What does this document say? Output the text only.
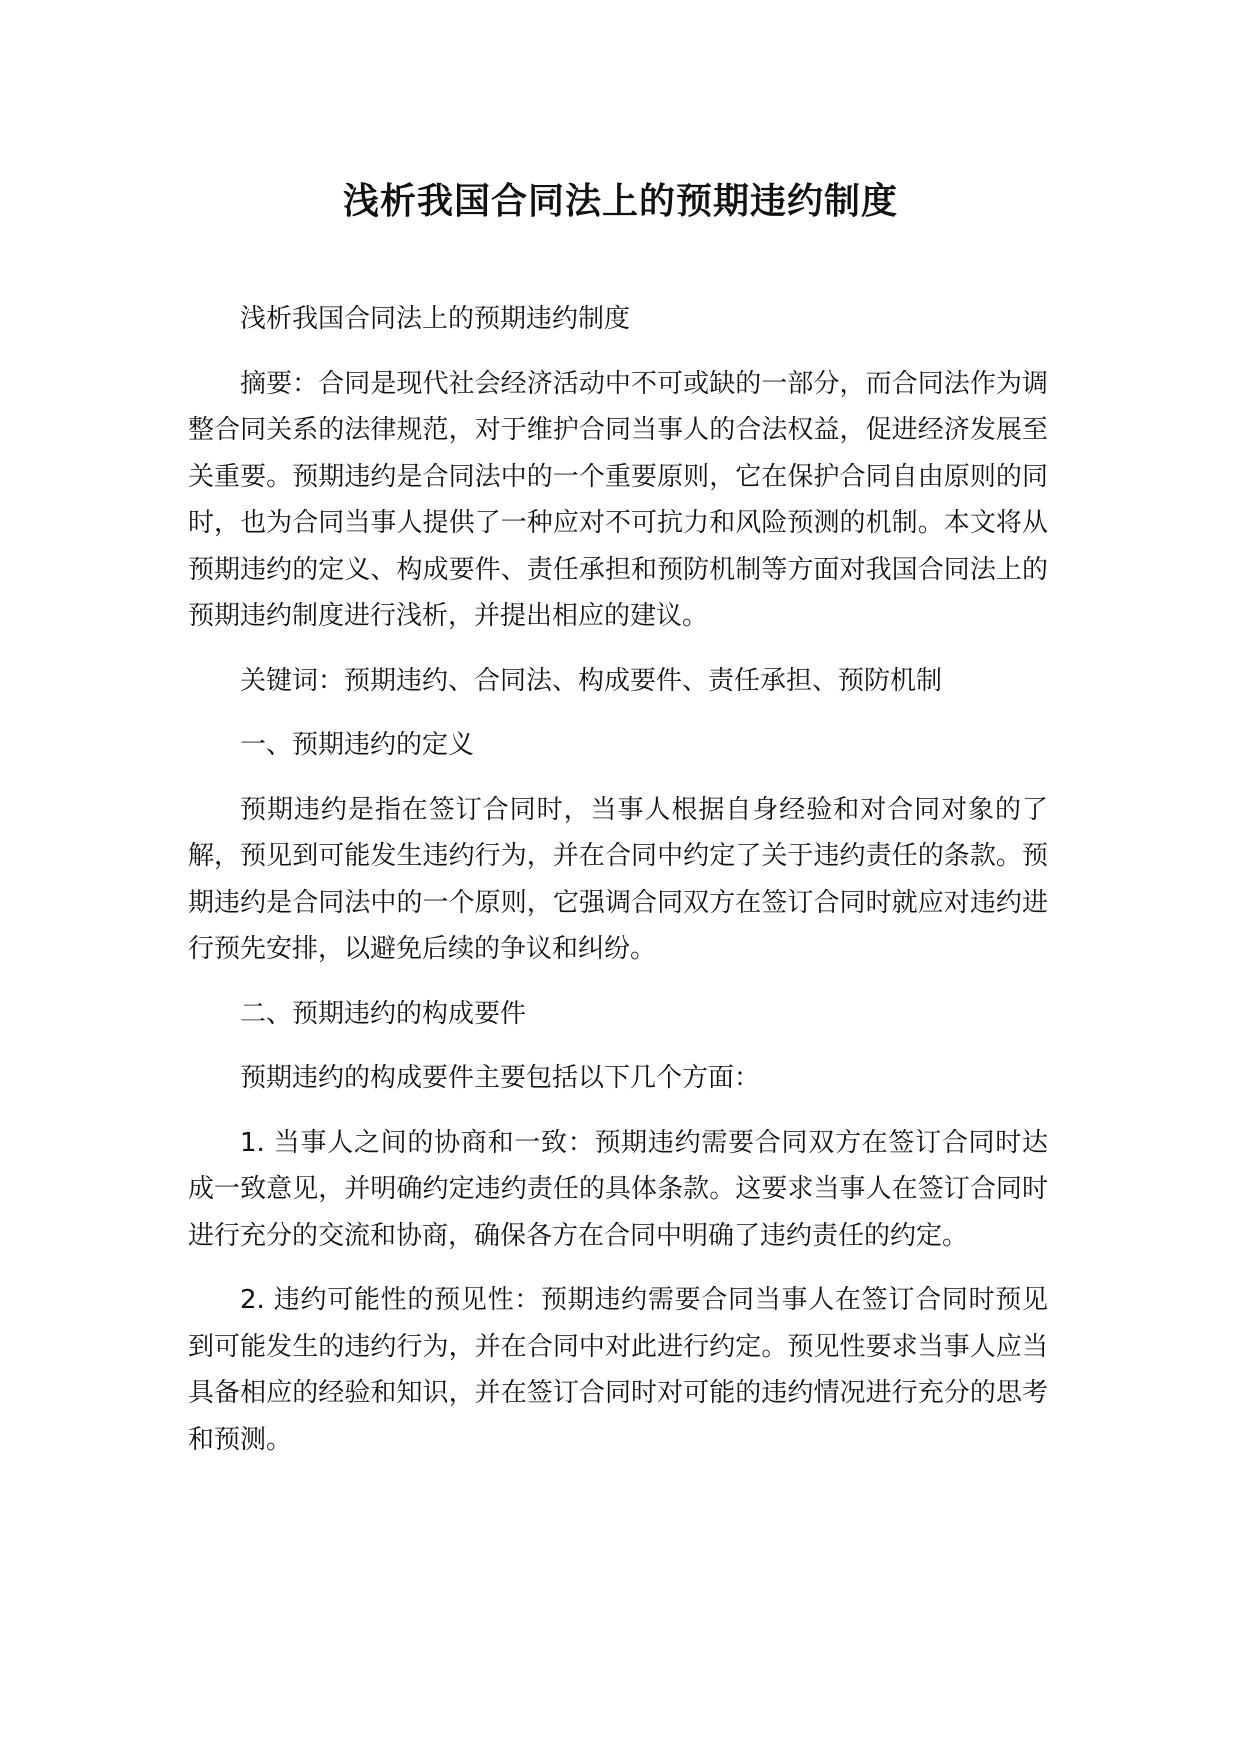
浅析我国合同法上的预期违约制度

浅析我国合同法上的预期违约制度

摘要：合同是现代社会经济活动中不可或缺的一部分，而合同法作为调整合同关系的法律规范，对于维护合同当事人的合法权益，促进经济发展至关重要。预期违约是合同法中的一个重要原则，它在保护合同自由原则的同时，也为合同当事人提供了一种应对不可抗力和风险预测的机制。本文将从预期违约的定义、构成要件、责任承担和预防机制等方面对我国合同法上的预期违约制度进行浅析，并提出相应的建议。

关键词：预期违约、合同法、构成要件、责任承担、预防机制

一、预期违约的定义

预期违约是指在签订合同时，当事人根据自身经验和对合同对象的了解，预见到可能发生违约行为，并在合同中约定了关于违约责任的条款。预期违约是合同法中的一个原则，它强调合同双方在签订合同时就应对违约进行预先安排，以避免后续的争议和纠纷。

二、预期违约的构成要件

预期违约的构成要件主要包括以下几个方面：

1. 当事人之间的协商和一致：预期违约需要合同双方在签订合同时达成一致意见，并明确约定违约责任的具体条款。这要求当事人在签订合同时进行充分的交流和协商，确保各方在合同中明确了违约责任的约定。

2. 违约可能性的预见性：预期违约需要合同当事人在签订合同时预见到可能发生的违约行为，并在合同中对此进行约定。预见性要求当事人应当具备相应的经验和知识，并在签订合同时对可能的违约情况进行充分的思考和预测。
